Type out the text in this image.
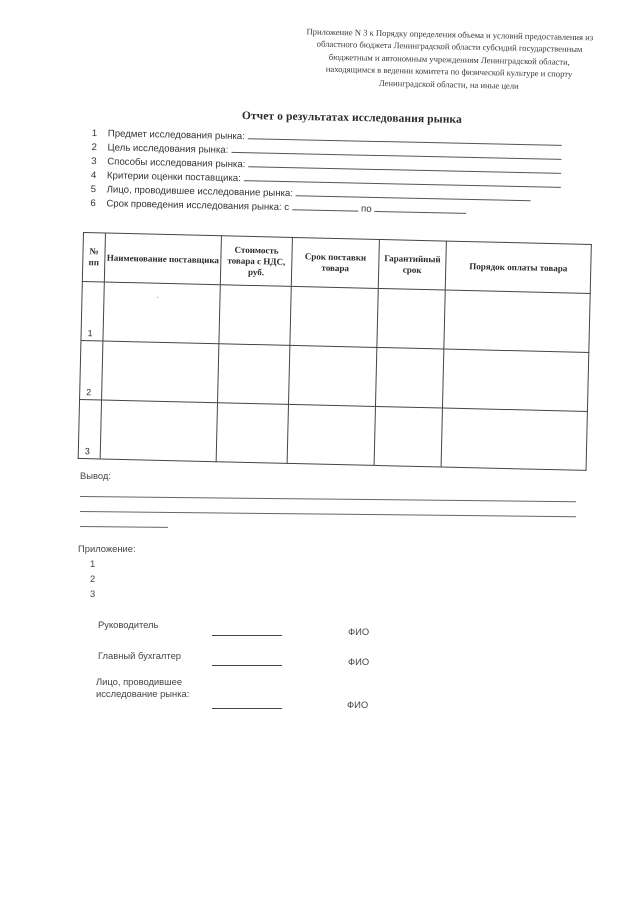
Приложение N 3 к Порядку определения объема и условий предоставления из
областного бюджета Ленинградской области субсидий государственным
бюджетным и автономным учреждениям Ленинградской области,
находящимся в ведении комитета по физической культуре и спорту
Ленинградской области, на иные цели
Отчет о результатах исследования рынка
1	Предмет исследования рынка:
2	Цель исследования рынка:
3	Способы исследования рынка:
4	Критерии оценки поставщика:
5	Лицо, проводившее исследование рынка:
6	Срок проведения исследования рынка: с	по
№ пп	Наименование поставщика	Стоимость товара с НДС, руб.	Срок поставки товара	Гарантийный срок	Порядок оплаты товара
1					
2					
3					
Вывод:
Приложение:
1
2
3
Руководитель
ФИО
Главный бухгалтер
ФИО
Лицо, проводившее исследование рынка:
ФИО
